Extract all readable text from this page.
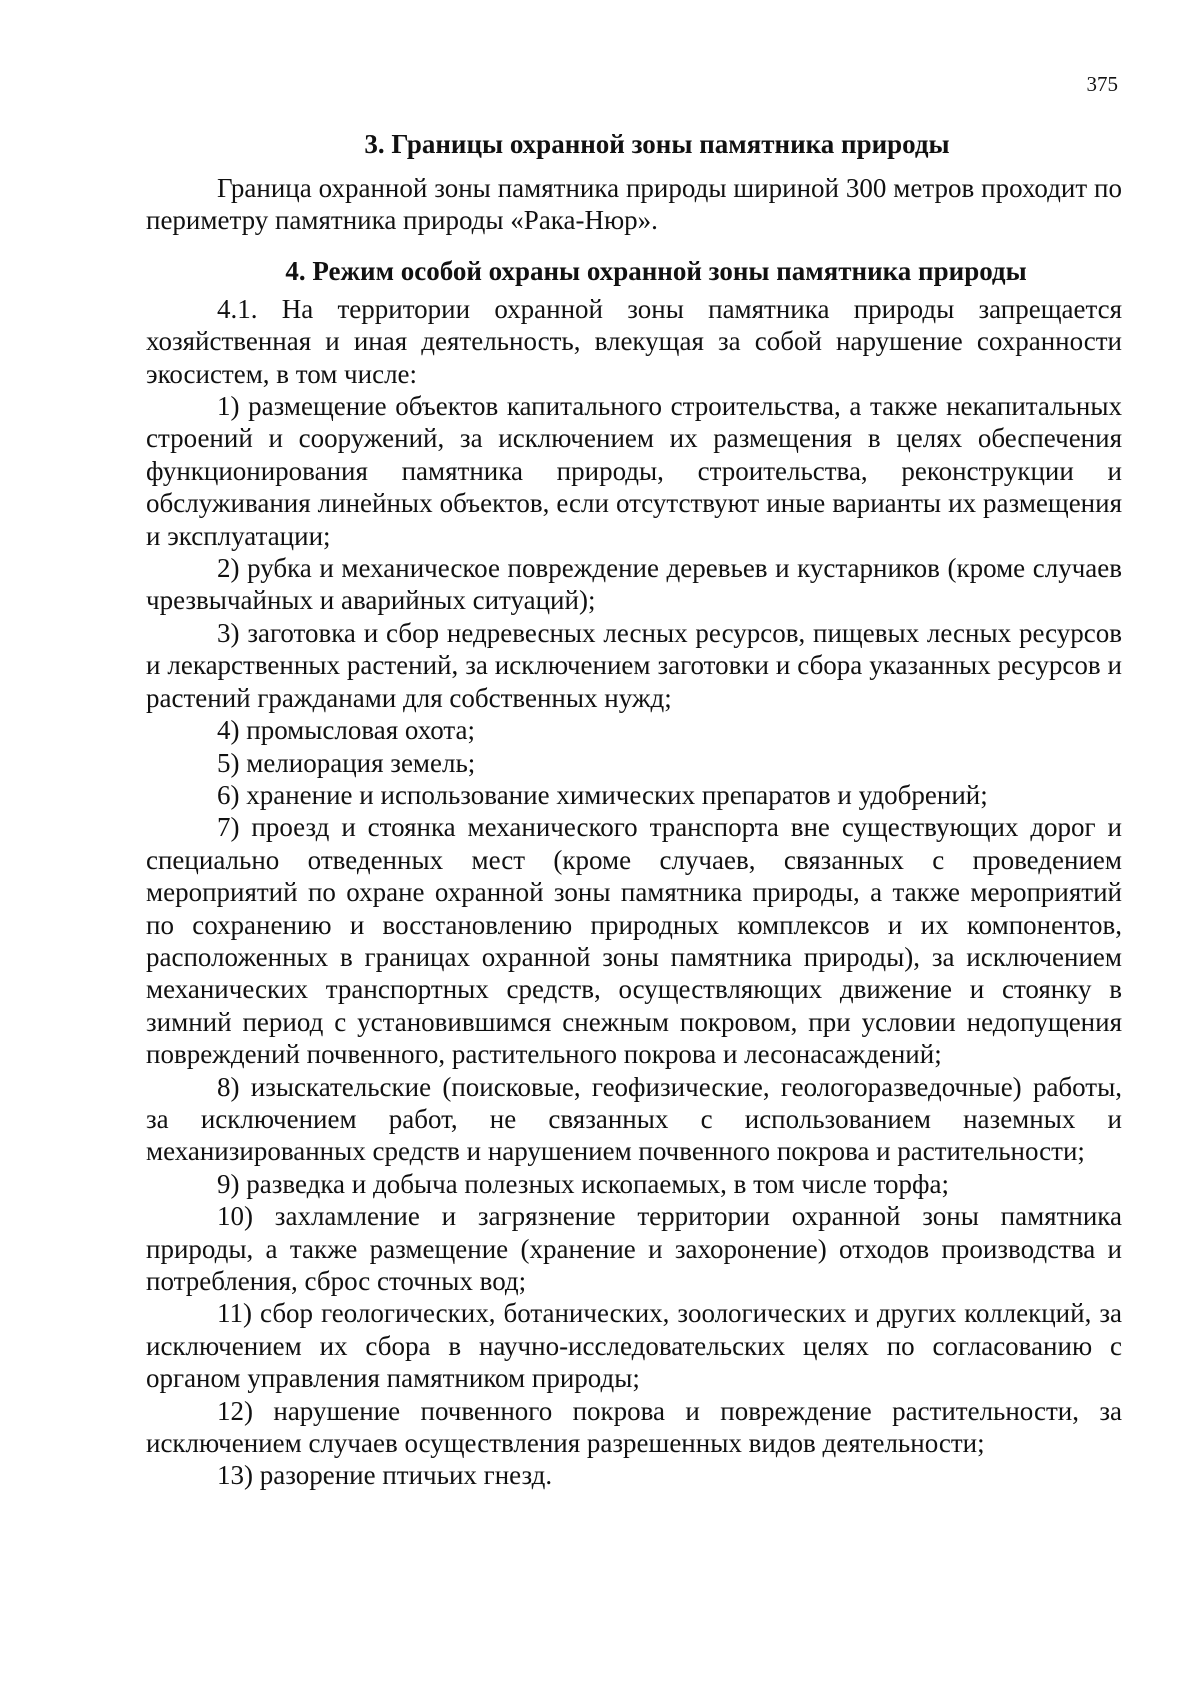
375
3. Границы охранной зоны памятника природы

Граница охранной зоны памятника природы шириной 300 метров проходит по периметру памятника природы «Рака-Нюр».

4. Режим особой охраны охранной зоны памятника природы

4.1. На территории охранной зоны памятника природы запрещается хозяйственная и иная деятельность, влекущая за собой нарушение сохранности экосистем, в том числе:

1) размещение объектов капитального строительства, а также некапитальных строений и сооружений, за исключением их размещения в целях обеспечения функционирования памятника природы, строительства, реконструкции и обслуживания линейных объектов, если отсутствуют иные варианты их размещения и эксплуатации;

2) рубка и механическое повреждение деревьев и кустарников (кроме случаев чрезвычайных и аварийных ситуаций);

3) заготовка и сбор недревесных лесных ресурсов, пищевых лесных ресурсов и лекарственных растений, за исключением заготовки и сбора указанных ресурсов и растений гражданами для собственных нужд;

4) промысловая охота;

5) мелиорация земель;

6) хранение и использование химических препаратов и удобрений;

7) проезд и стоянка механического транспорта вне существующих дорог и специально отведенных мест (кроме случаев, связанных с проведением мероприятий по охране охранной зоны памятника природы, а также мероприятий по сохранению и восстановлению природных комплексов и их компонентов, расположенных в границах охранной зоны памятника природы), за исключением механических транспортных средств, осуществляющих движение и стоянку в зимний период с установившимся снежным покровом, при условии недопущения повреждений почвенного, растительного покрова и лесонасаждений;

8) изыскательские (поисковые, геофизические, геологоразведочные) работы, за исключением работ, не связанных с использованием наземных и механизированных средств и нарушением почвенного покрова и растительности;

9) разведка и добыча полезных ископаемых, в том числе торфа;

10) захламление и загрязнение территории охранной зоны памятника природы, а также размещение (хранение и захоронение) отходов производства и потребления, сброс сточных вод;

11) сбор геологических, ботанических, зоологических и других коллекций, за исключением их сбора в научно-исследовательских целях по согласованию с органом управления памятником природы;

12) нарушение почвенного покрова и повреждение растительности, за исключением случаев осуществления разрешенных видов деятельности;

13) разорение птичьих гнезд.
